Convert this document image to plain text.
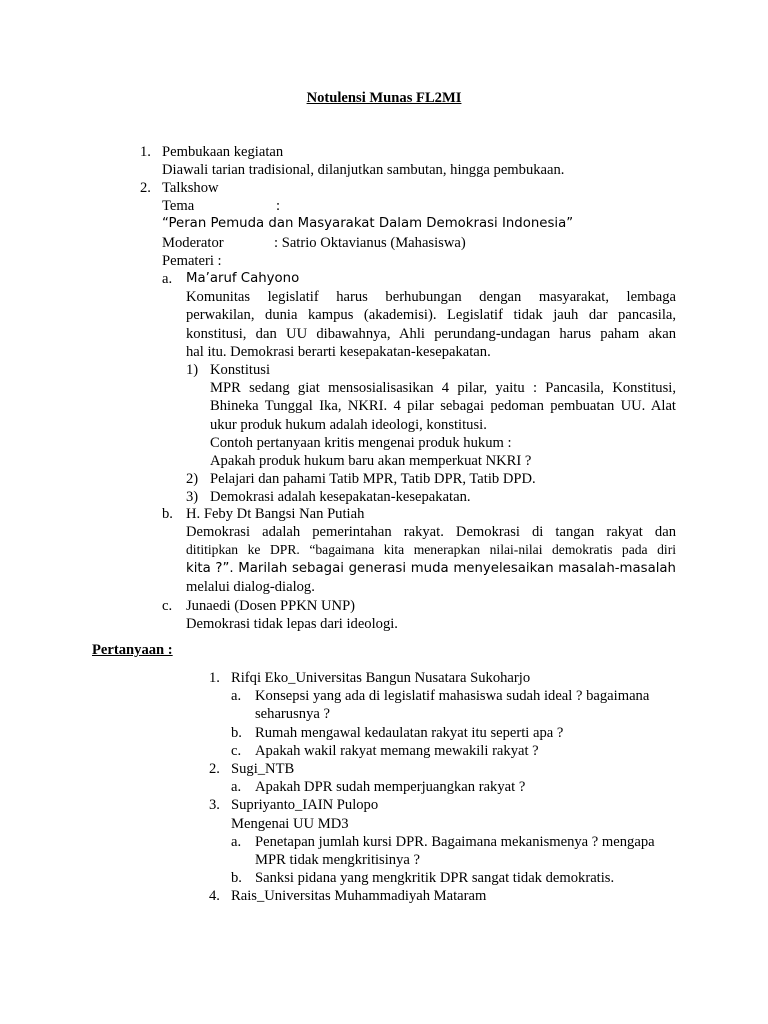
Notulensi Munas FL2MI
1. Pembukaan kegiatan
Diawali tarian tradisional, dilanjutkan sambutan, hingga pembukaan.
2. Talkshow
Tema	:
“Peran Pemuda dan Masyarakat Dalam Demokrasi Indonesia”
Moderator	: Satrio Oktavianus (Mahasiswa)
Pemateri :
a. Ma’aruf Cahyono
Komunitas legislatif harus berhubungan dengan masyarakat, lembaga
perwakilan, dunia kampus (akademisi). Legislatif tidak jauh dar pancasila,
konstitusi, dan UU dibawahnya, Ahli perundang-undagan harus paham akan
hal itu. Demokrasi berarti kesepakatan-kesepakatan.
1) Konstitusi
MPR sedang giat mensosialisasikan 4 pilar, yaitu : Pancasila, Konstitusi,
Bhineka Tunggal Ika, NKRI. 4 pilar sebagai pedoman pembuatan UU. Alat
ukur produk hukum adalah ideologi, konstitusi.
Contoh pertanyaan kritis mengenai produk hukum :
Apakah produk hukum baru akan memperkuat NKRI ?
2) Pelajari dan pahami Tatib MPR, Tatib DPR, Tatib DPD.
3) Demokrasi adalah kesepakatan-kesepakatan.
b. H. Feby Dt Bangsi Nan Putiah
Demokrasi adalah pemerintahan rakyat. Demokrasi di tangan rakyat dan
dititipkan ke DPR. “bagaimana kita menerapkan nilai-nilai demokratis pada diri
kita ?”. Marilah sebagai generasi muda menyelesaikan masalah-masalah
melalui dialog-dialog.
c. Junaedi (Dosen PPKN UNP)
Demokrasi tidak lepas dari ideologi.
Pertanyaan :
1. Rifqi Eko_Universitas Bangun Nusatara Sukoharjo
a. Konsepsi yang ada di legislatif mahasiswa sudah ideal ? bagaimana
seharusnya ?
b. Rumah mengawal kedaulatan rakyat itu seperti apa ?
c. Apakah wakil rakyat memang mewakili rakyat ?
2. Sugi_NTB
a. Apakah DPR sudah memperjuangkan rakyat ?
3. Supriyanto_IAIN Pulopo
Mengenai UU MD3
a. Penetapan jumlah kursi DPR. Bagaimana mekanismenya ? mengapa
MPR tidak mengkritisinya ?
b. Sanksi pidana yang mengkritik DPR sangat tidak demokratis.
4. Rais_Universitas Muhammadiyah Mataram
